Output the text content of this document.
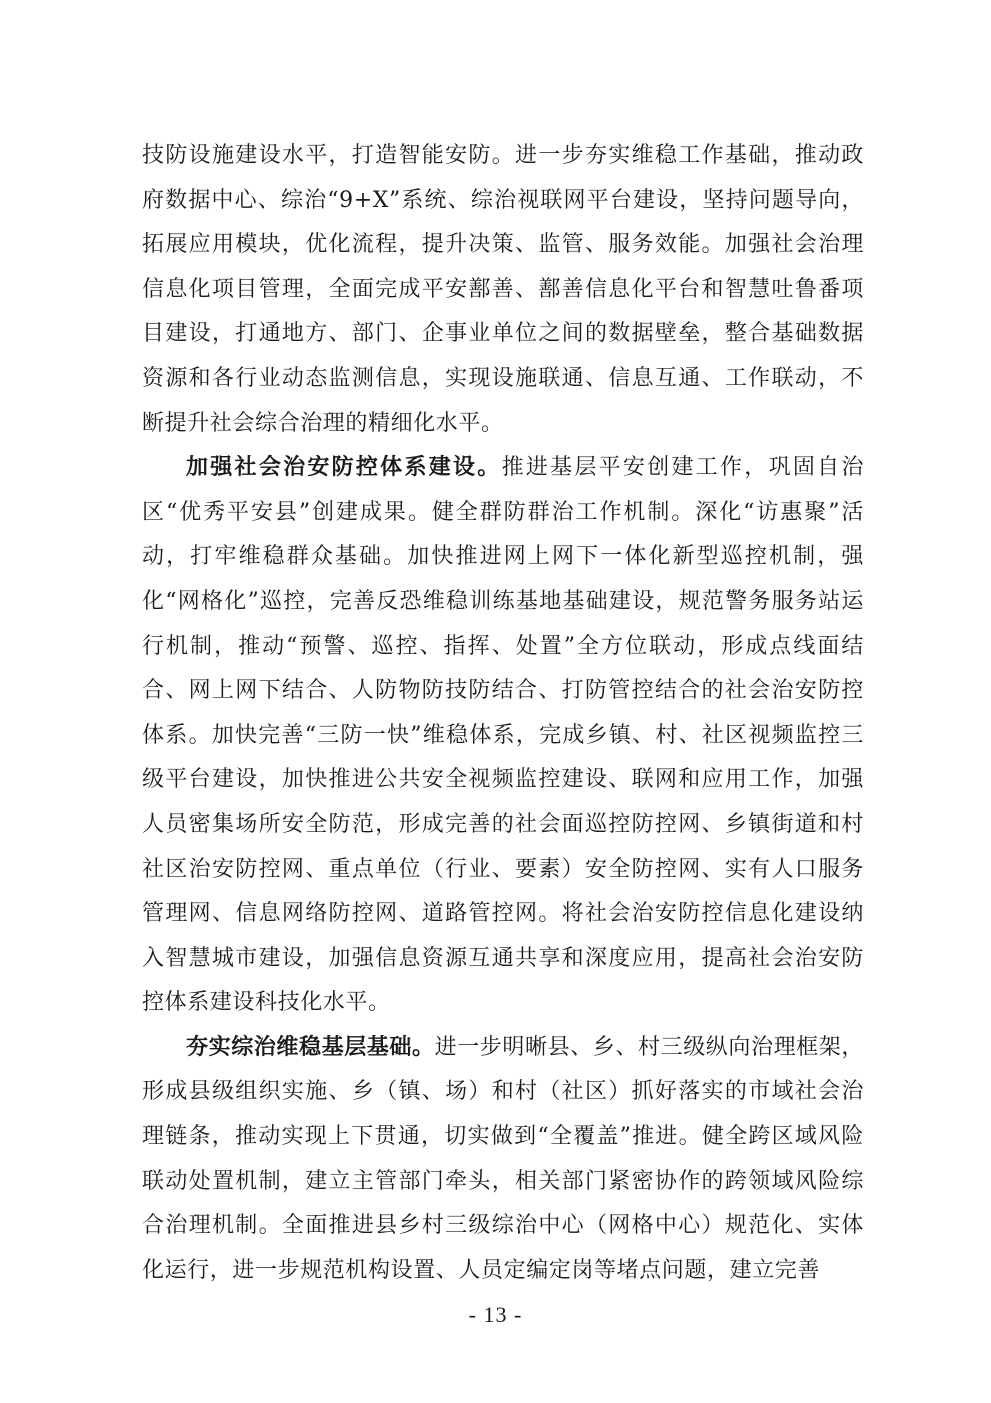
技防设施建设水平，打造智能安防。进一步夯实维稳工作基础，推动政府数据中心、综治“9+X”系统、综治视联网平台建设，坚持问题导向，拓展应用模块，优化流程，提升决策、监管、服务效能。加强社会治理信息化项目管理，全面完成平安鄯善、鄯善信息化平台和智慧吐鲁番项目建设，打通地方、部门、企事业单位之间的数据壁垒，整合基础数据资源和各行业动态监测信息，实现设施联通、信息互通、工作联动，不断提升社会综合治理的精细化水平。

加强社会治安防控体系建设。推进基层平安创建工作，巩固自治区“优秀平安县”创建成果。健全群防群治工作机制。深化“访惠聚”活动，打牢维稳群众基础。加快推进网上网下一体化新型巡控机制，强化“网格化”巡控，完善反恐维稳训练基地基础建设，规范警务服务站运行机制，推动“预警、巡控、指挥、处置”全方位联动，形成点线面结合、网上网下结合、人防物防技防结合、打防管控结合的社会治安防控体系。加快完善“三防一快”维稳体系，完成乡镇、村、社区视频监控三级平台建设，加快推进公共安全视频监控建设、联网和应用工作，加强人员密集场所安全防范，形成完善的社会面巡控防控网、乡镇街道和村社区治安防控网、重点单位（行业、要素）安全防控网、实有人口服务管理网、信息网络防控网、道路管控网。将社会治安防控信息化建设纳入智慧城市建设，加强信息资源互通共享和深度应用，提高社会治安防控体系建设科技化水平。

夯实综治维稳基层基础。进一步明晰县、乡、村三级纵向治理框架，形成县级组织实施、乡（镇、场）和村（社区）抓好落实的市域社会治理链条，推动实现上下贯通，切实做到“全覆盖”推进。健全跨区域风险联动处置机制，建立主管部门牵头，相关部门紧密协作的跨领域风险综合治理机制。全面推进县乡村三级综治中心（网格中心）规范化、实体化运行，进一步规范机构设置、人员定编定岗等堵点问题，建立完善

- 13 -
